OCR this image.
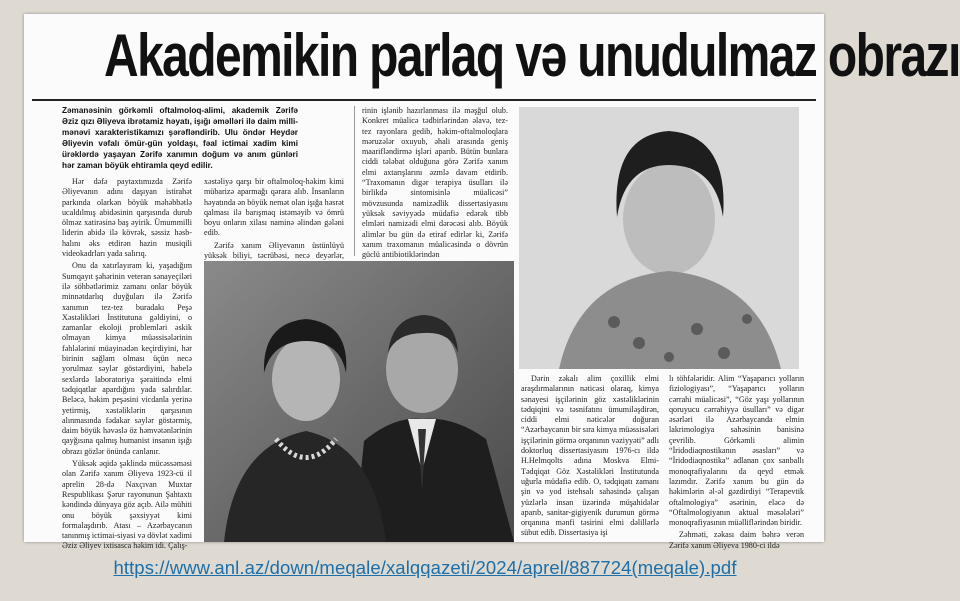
Akademikin parlaq və unudulmaz obrazı

Zəmanəsinin görkəmli oftalmoloq-alimi, akademik Zərifə Əziz qızı Əliyeva ibrətamiz həyatı, işığı əməlləri ilə daim milli-mənəvi xarakteristikamızı şərəfləndirib. Ulu öndər Heydər Əliyevin vəfalı ömür-gün yoldaşı, fəal ictimai xadim kimi ürəklərdə yaşayan Zərifə xanımın doğum və anım günləri hər zaman böyük ehtiramla qeyd edilir.

Hər dəfə paytaxtımızda Zərifə Əliyevanın adını daşıyan istirahət parkında olarkən böyük məhəbbətlə ucaldılmış abidəsinin qarşısında durub ölməz xatirəsinə baş əyirik. Ümummilli liderin abidə ilə kövrək, səssiz həsb-halını əks etdirən hazin musiqili videokadrları yada salırıq.

Onu da xatırlayıram ki, yaşadığım Sumqayıt şəhərinin veteran sənayeçiləri ilə söhbətlərimiz zamanı onlar böyük minnətdarlıq duyğuları ilə Zərifə xanımın tez-tez buradakı Peşə Xəstəlikləri İnstitutuna gəldiyini, o zamanlar ekoloji problemləri əskik olmayan kimya müəssisələrinin fəhlələrini müayinədən keçirdiyini, hər birinin sağlam olması üçün necə yorulmaz səylər göstərdiyini, habelə sexlərdə laboratoriya şəraitində elmi tədqiqatlar apardığını yada salırdılar. Beləcə, həkim peşəsini vicdanla yerinə yetirmiş, xəstəliklərin qarşısının alınmasında fədakar səylər göstərmiş, daim böyük həvəslə öz həmvətənlərinin qayğısına qalmış humanist insanın işığı obrazı gözlər önündə canlanır.

Yüksək əqidə şəklində mücəssəməsi olan Zərifə xanım Əliyeva 1923-cü il aprelin 28-də Naxçıvan Muxtar Respublikası Şərur rayonunun Şahtaxtı kəndində dünyaya göz açıb. Ailə mühiti onu böyük şəxsiyyət kimi formalaşdırıb. Atası – Azərbaycanın tanınmış ictimai-siyasi və dövlət xadimi Əziz Əliyev ixtisasca həkim idi. Çalış-

xəstəliyə qarşı bir oftalmoloq-həkim kimi mübarizə aparmağı qərara alıb. İnsanların həyatında ən böyük nemət olan işığa həsrət qalması ilə barışmaq istəməyib və ömrü boyu onların xilası naminə əlindən gələni edib.

Zərifə xanım Əliyevanın üstünlüyü yüksək biliyi, təcrübəsi, necə deyərlər,

rinin işlənib hazırlanması ilə məşğul olub. Konkret müalicə tədbirlərindən əlavə, tez-tez rayonlara gedib, həkim-oftalmoloqlara məruzələr oxuyub, əhali arasında geniş maarifləndirmə işləri aparıb. Bütün bunlara ciddi tələbat olduğuna görə Zərifə xanım elmi axtarışlarını əzmlə davam etdirib. “Traxomanın digər terapiya üsulları ilə birlikdə sintomisinlə müalicəsi” mövzusunda namizədlik dissertasiyasını yüksək səviyyədə müdafiə edərək tibb elmləri namizədi elmi dərəcəsi alıb. Böyük alimlər bu gün də etiraf edirlər ki, Zərifə xanım traxomanın müalicəsində o dövrün güclü antibiotiklərindən

Dərin zəkalı alim çoxillik elmi araşdırmalarının nəticəsi olaraq, kimya sənayesi işçilərinin göz xəstəliklərinin tədqiqini və təsnifatını ümumiləşdirən, ciddi elmi nəticələr doğuran “Azərbaycanın bir sıra kimya müəssisələri işçilərinin görmə orqanının vəziyyəti” adlı doktorluq dissertasiyasını 1976-cı ildə H.Helmqolts adına Moskva Elmi-Tədqiqat Göz Xəstəlikləri İnstitutunda uğurla müdafiə edib. O, tədqiqatı zamanı şin və yod istehsalı sahəsində çalışan yüzlərlə insan üzərində müşahidələr aparıb, sanitar-gigiyenik durumun görmə orqanına mənfi təsirini elmi dəlillərlə sübut edib. Dissertasiya işi

lı töhfələridir. Alim “Yaşaparıcı yolların fiziologiyası”, “Yaşaparıcı yolların cərrahi müalicəsi”, “Göz yaşı yollarının qoruyucu cərrahiyyə üsulları” və digər əsərləri ilə Azərbaycanda elmin lakrimologiya sahəsinin banisinə çevrilib. Görkəmli alimin “İridodiaqnostikanın əsasları” və “İridodiaqnostika” adlanan çox sanballı monoqrafiyalarını da qeyd etmək lazımdır. Zərifə xanım bu gün də həkimlərin əl-əl gəzdirdiyi “Terapevtik oftalmologiya” əsərinin, eləcə də “Oftalmologiyanın aktual məsələləri” monoqrafiyasının müəlliflərindən biridir.

Zəhməti, zəkası daim bəhrə verən Zərifə xanım Əliyeva 1980-ci ildə

https://www.anl.az/down/meqale/xalqqazeti/2024/aprel/887724(meqale).pdf
